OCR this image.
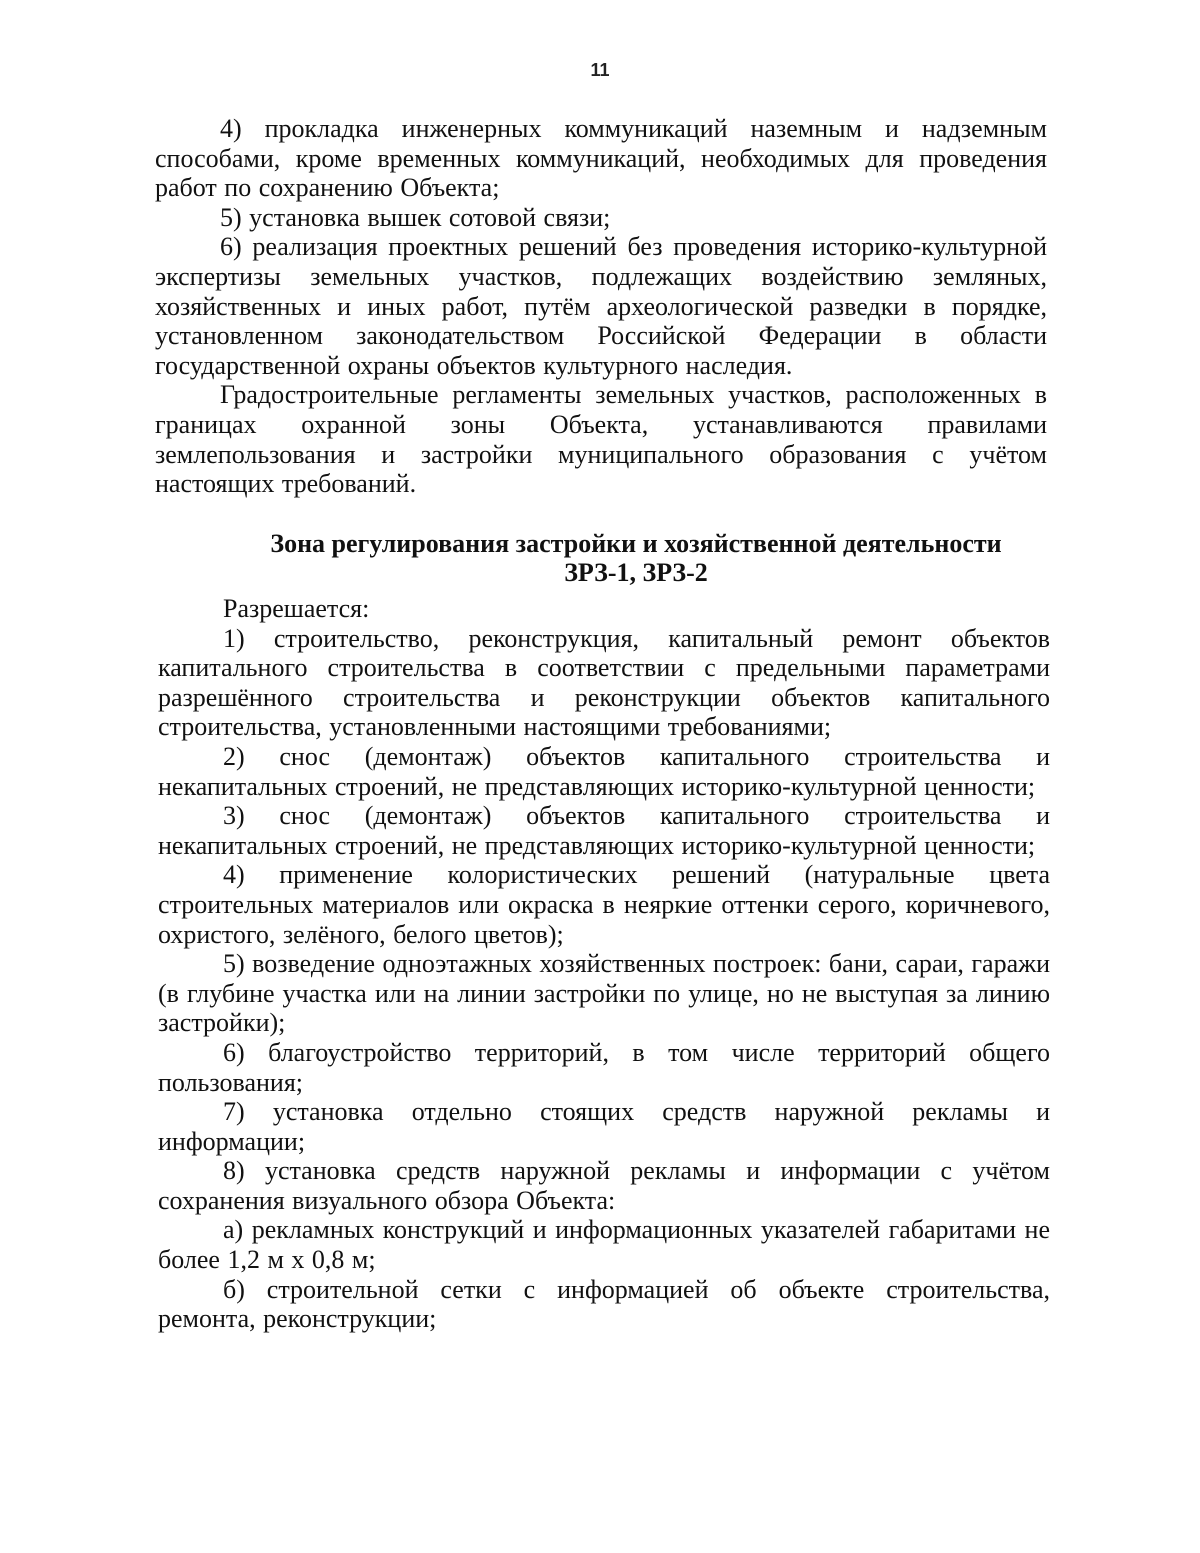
11

4) прокладка инженерных коммуникаций наземным и надземным способами, кроме временных коммуникаций, необходимых для проведения работ по сохранению Объекта;

5) установка вышек сотовой связи;

6) реализация проектных решений без проведения историко-культурной экспертизы земельных участков, подлежащих воздействию земляных, хозяйственных и иных работ, путём археологической разведки в порядке, установленном законодательством Российской Федерации в области государственной охраны объектов культурного наследия.

Градостроительные регламенты земельных участков, расположенных в границах охранной зоны Объекта, устанавливаются правилами землепользования и застройки муниципального образования с учётом настоящих требований.

Зона регулирования застройки и хозяйственной деятельности

ЗРЗ-1, ЗРЗ-2

Разрешается:

1) строительство, реконструкция, капитальный ремонт объектов капитального строительства в соответствии с предельными параметрами разрешённого строительства и реконструкции объектов капитального строительства, установленными настоящими требованиями;

2) снос (демонтаж) объектов капитального строительства и некапитальных строений, не представляющих историко-культурной ценности;

3) снос (демонтаж) объектов капитального строительства и некапитальных строений, не представляющих историко-культурной ценности;

4) применение колористических решений (натуральные цвета строительных материалов или окраска в неяркие оттенки серого, коричневого, охристого, зелёного, белого цветов);

5) возведение одноэтажных хозяйственных построек: бани, сараи, гаражи (в глубине участка или на линии застройки по улице, но не выступая за линию застройки);

6) благоустройство территорий, в том числе территорий общего пользования;

7) установка отдельно стоящих средств наружной рекламы и информации;

8) установка средств наружной рекламы и информации с учётом сохранения визуального обзора Объекта:

а) рекламных конструкций и информационных указателей габаритами не более 1,2 м х 0,8 м;

б) строительной сетки с информацией об объекте строительства, ремонта, реконструкции;
